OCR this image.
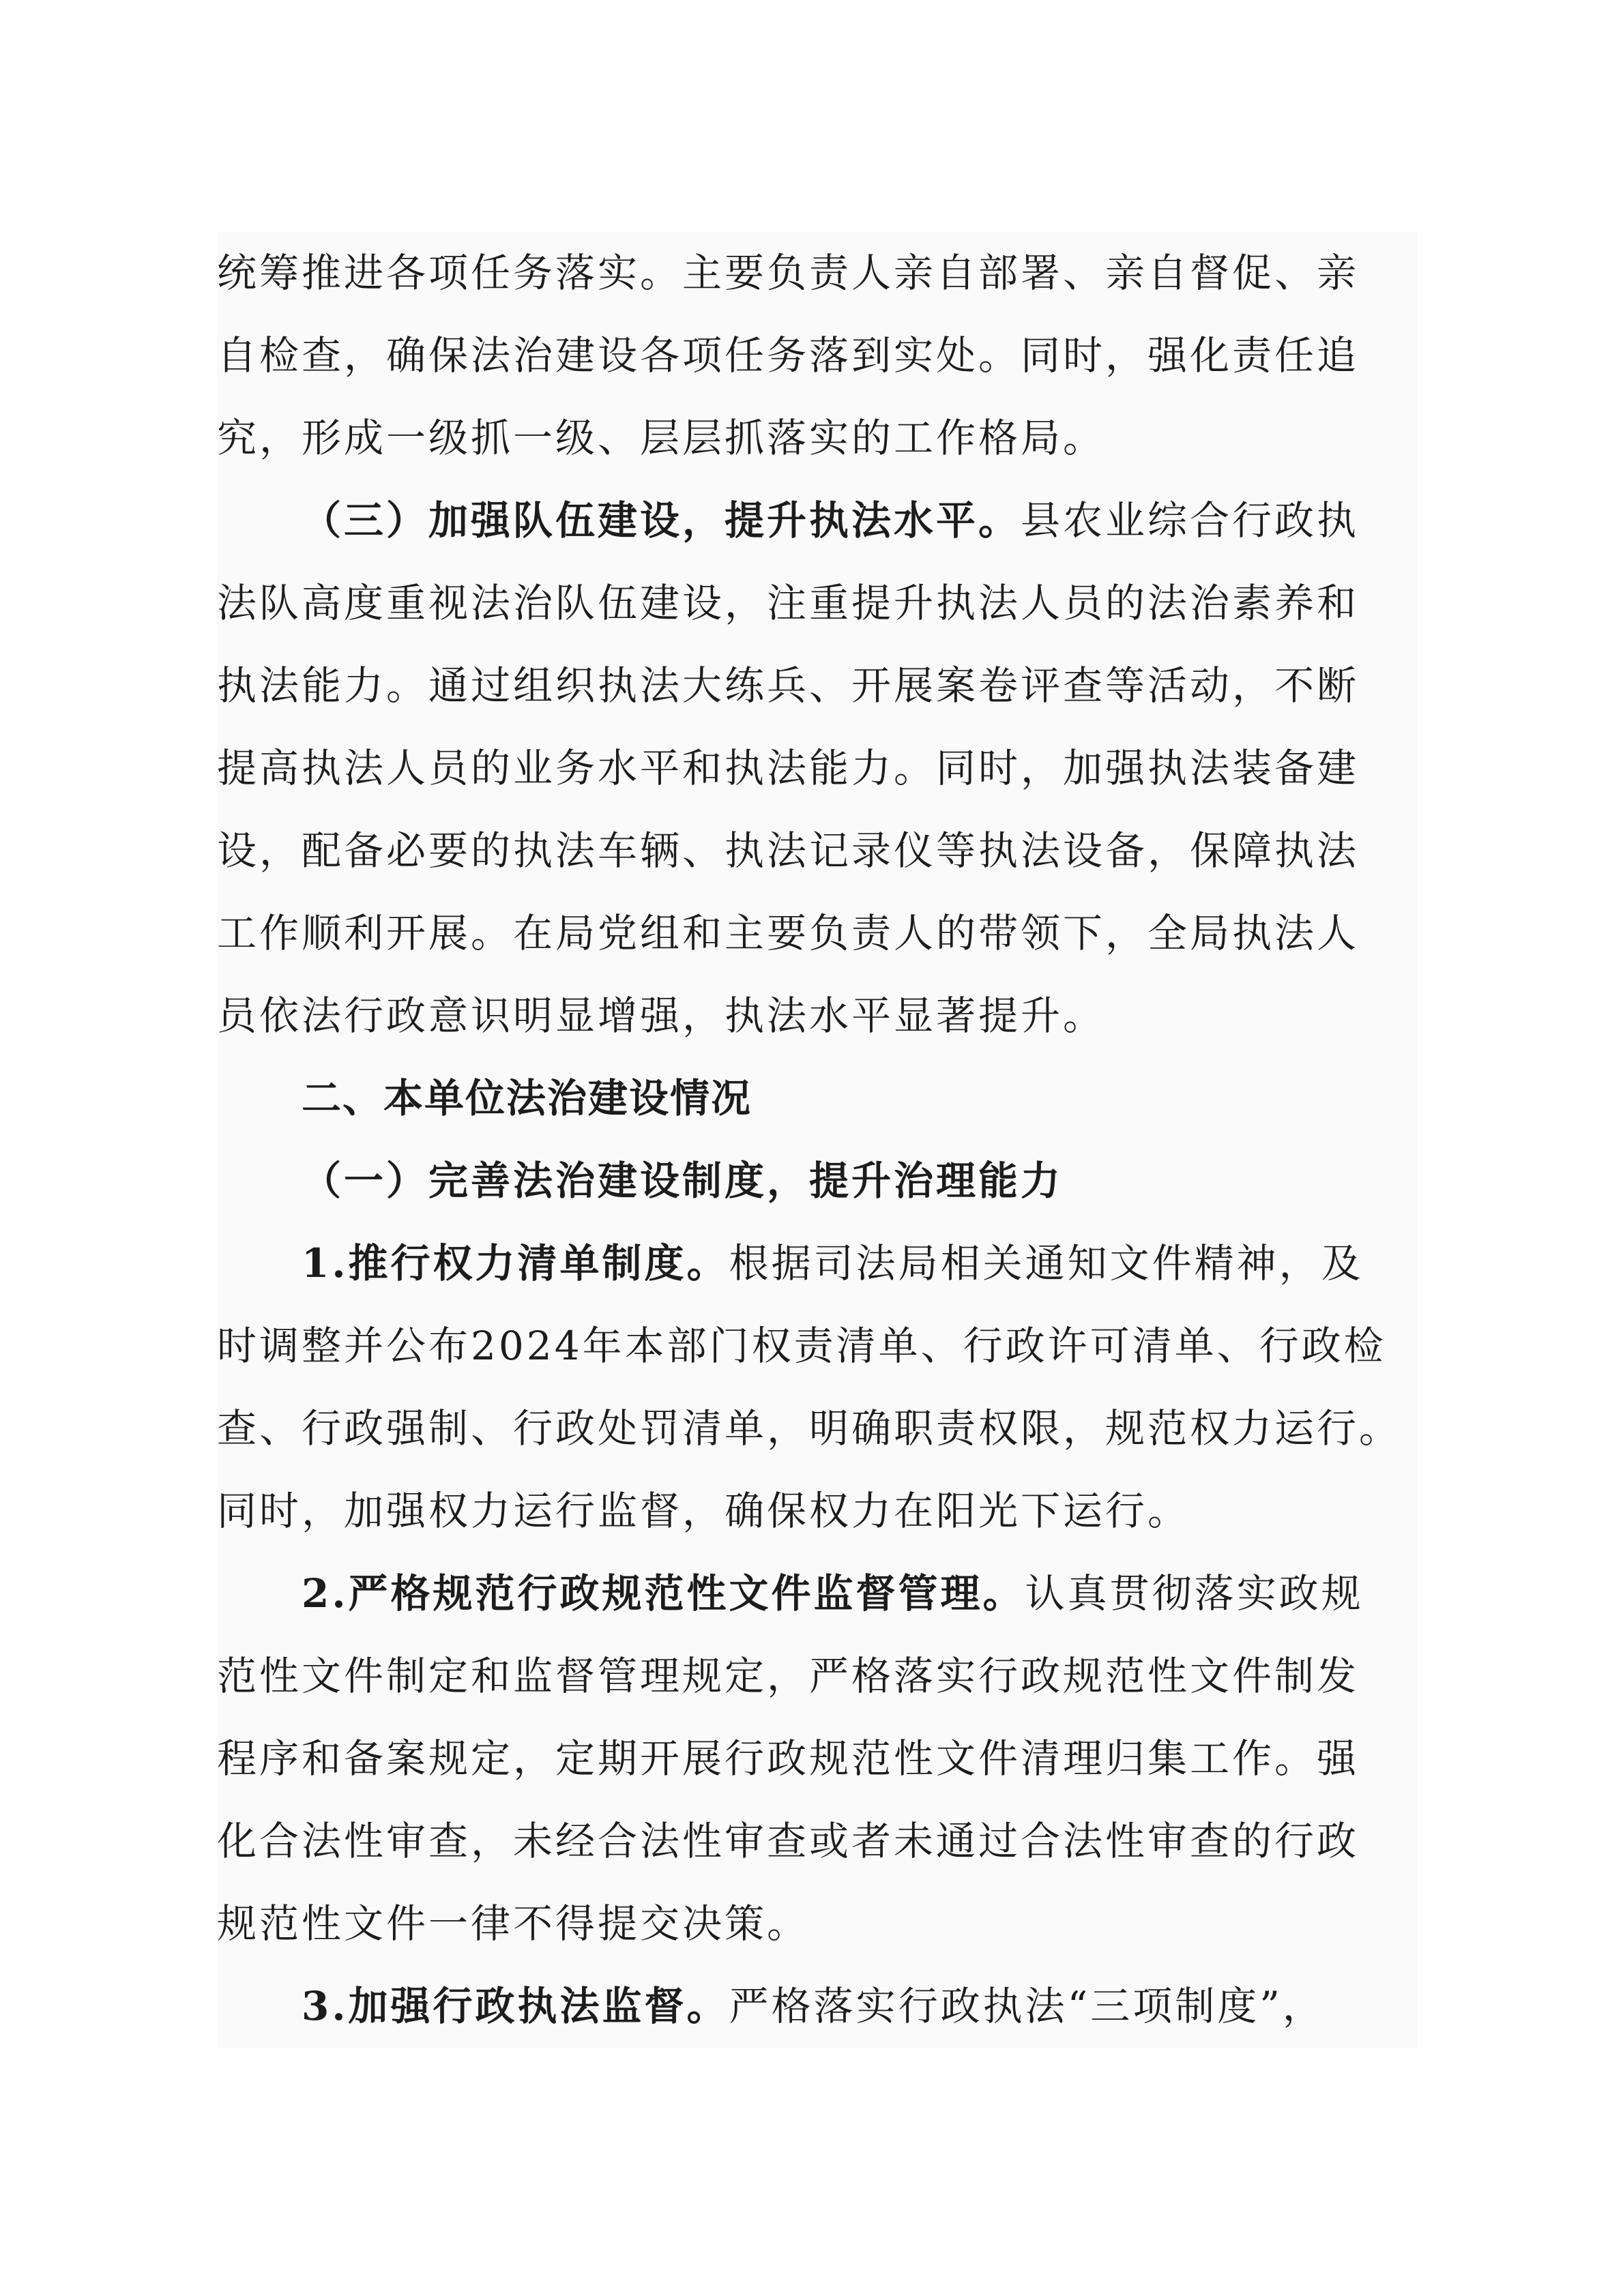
统筹推进各项任务落实。主要负责人亲自部署、亲自督促、亲
自检查，确保法治建设各项任务落到实处。同时，强化责任追
究，形成一级抓一级、层层抓落实的工作格局。
（三）加强队伍建设，提升执法水平。县农业综合行政执
法队高度重视法治队伍建设，注重提升执法人员的法治素养和
执法能力。通过组织执法大练兵、开展案卷评查等活动，不断
提高执法人员的业务水平和执法能力。同时，加强执法装备建
设，配备必要的执法车辆、执法记录仪等执法设备，保障执法
工作顺利开展。在局党组和主要负责人的带领下，全局执法人
员依法行政意识明显增强，执法水平显著提升。
二、本单位法治建设情况
（一）完善法治建设制度，提升治理能力
1.推行权力清单制度。根据司法局相关通知文件精神，及
时调整并公布2024年本部门权责清单、行政许可清单、行政检
查、行政强制、行政处罚清单，明确职责权限，规范权力运行。
同时，加强权力运行监督，确保权力在阳光下运行。
2.严格规范行政规范性文件监督管理。认真贯彻落实政规
范性文件制定和监督管理规定，严格落实行政规范性文件制发
程序和备案规定，定期开展行政规范性文件清理归集工作。强
化合法性审查，未经合法性审查或者未通过合法性审查的行政
规范性文件一律不得提交决策。
3.加强行政执法监督。严格落实行政执法“三项制度”，
